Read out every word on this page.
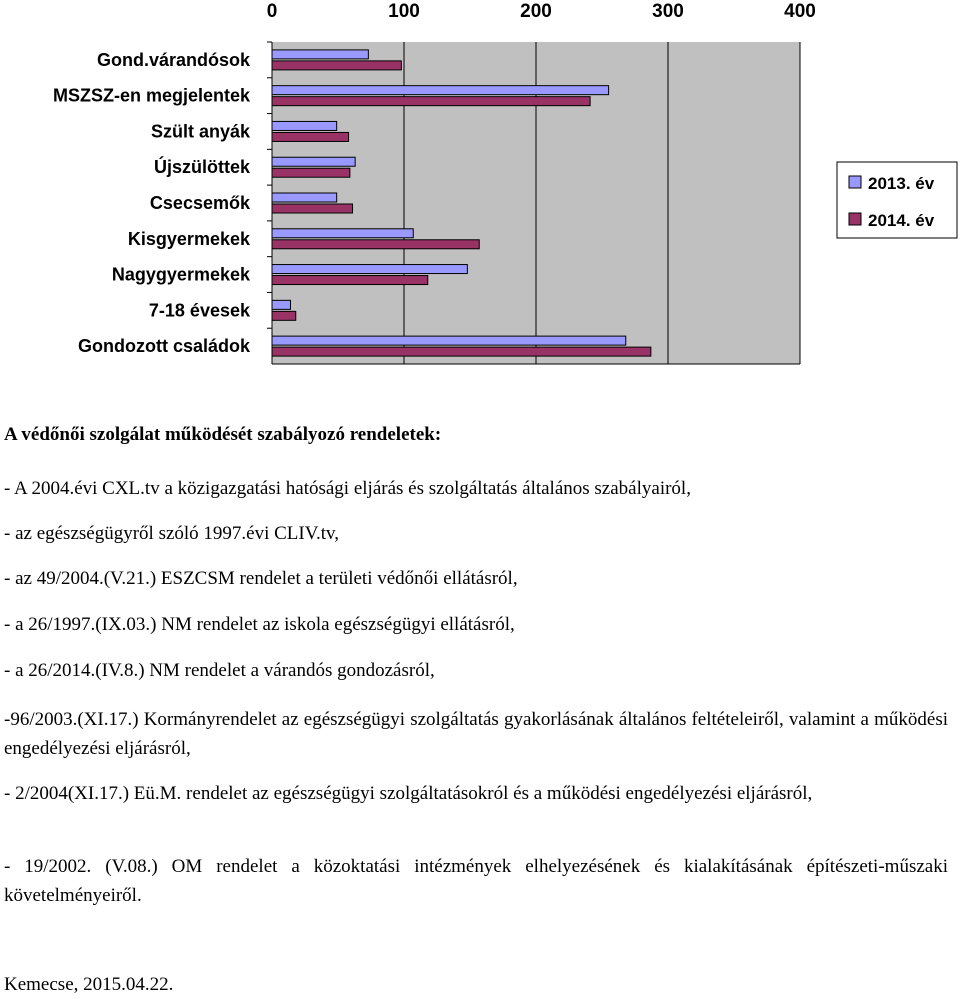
0	100	200	300	400
Gond.várandósok
MSZSZ-en megjelentek
Szült anyák
Újszülöttek
Csecsemők
Kisgyermekek
Nagygyermekek
7-18 évesek
Gondozott családok
2013. év
2014. év
A védőnői szolgálat működését szabályozó rendeletek:
- A 2004.évi CXL.tv a közigazgatási hatósági eljárás és szolgáltatás általános szabályairól,
- az egészségügyről szóló 1997.évi CLIV.tv,
- az 49/2004.(V.21.) ESZCSM rendelet a területi védőnői ellátásról,
- a 26/1997.(IX.03.) NM rendelet az iskola egészségügyi ellátásról,
- a 26/2014.(IV.8.) NM rendelet a várandós gondozásról,
-96/2003.(XI.17.) Kormányrendelet az egészségügyi szolgáltatás gyakorlásának általános feltételeiről, valamint a működési engedélyezési eljárásról,
- 2/2004(XI.17.) Eü.M. rendelet az egészségügyi szolgáltatásokról és a működési engedélyezési eljárásról,
- 19/2002. (V.08.) OM rendelet a közoktatási intézmények elhelyezésének és kialakításának építészeti-műszaki követelményeiről.
Kemecse, 2015.04.22.
